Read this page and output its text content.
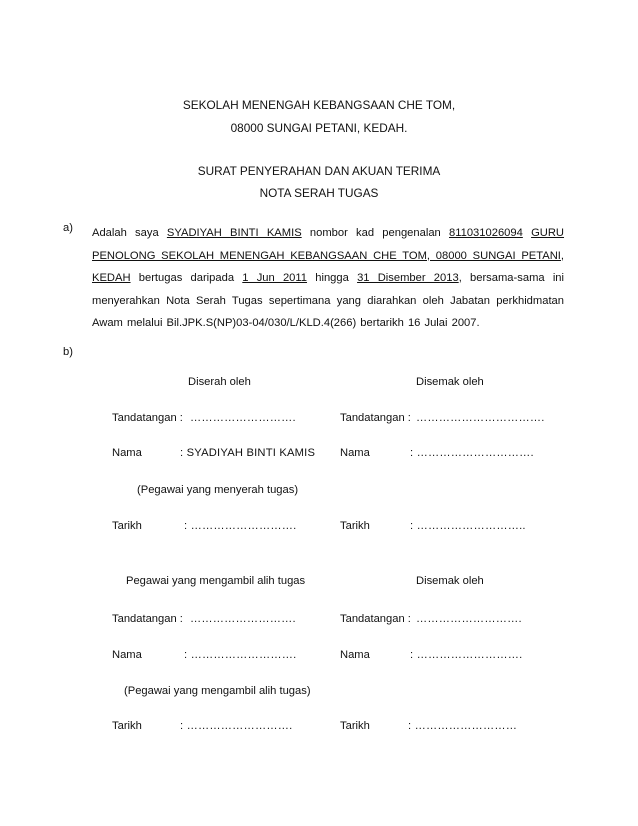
SEKOLAH MENENGAH KEBANGSAAN CHE TOM,
08000 SUNGAI PETANI, KEDAH.
SURAT PENYERAHAN DAN AKUAN TERIMA
NOTA SERAH TUGAS
a) Adalah saya SYADIYAH BINTI KAMIS nombor kad pengenalan 811031026094 GURU PENOLONG SEKOLAH MENENGAH KEBANGSAAN CHE TOM, 08000 SUNGAI PETANI, KEDAH bertugas daripada 1 Jun 2011 hingga 31 Disember 2013, bersama-sama ini menyerahkan Nota Serah Tugas sepertimana yang diarahkan oleh Jabatan perkhidmatan Awam melalui Bil.JPK.S(NP)03-04/030/L/KLD.4(266) bertarikh 16 Julai 2007.
b)
Diserah oleh	Disemak oleh
Tandatangan : ……………………….	Tandatangan : …………………………….
Nama	: SYADIYAH BINTI KAMIS Nama	: ………………………….
(Pegawai yang menyerah tugas)
Tarikh	: ……………………….	Tarikh	: ………………………..
Pegawai yang mengambil alih tugas	Disemak oleh
Tandatangan : ……………………….	Tandatangan : ……………………….
Nama	: ……………………….	Nama	: ……………………….
(Pegawai yang mengambil alih tugas)
Tarikh	: ……………………….	Tarikh	: ………………………
